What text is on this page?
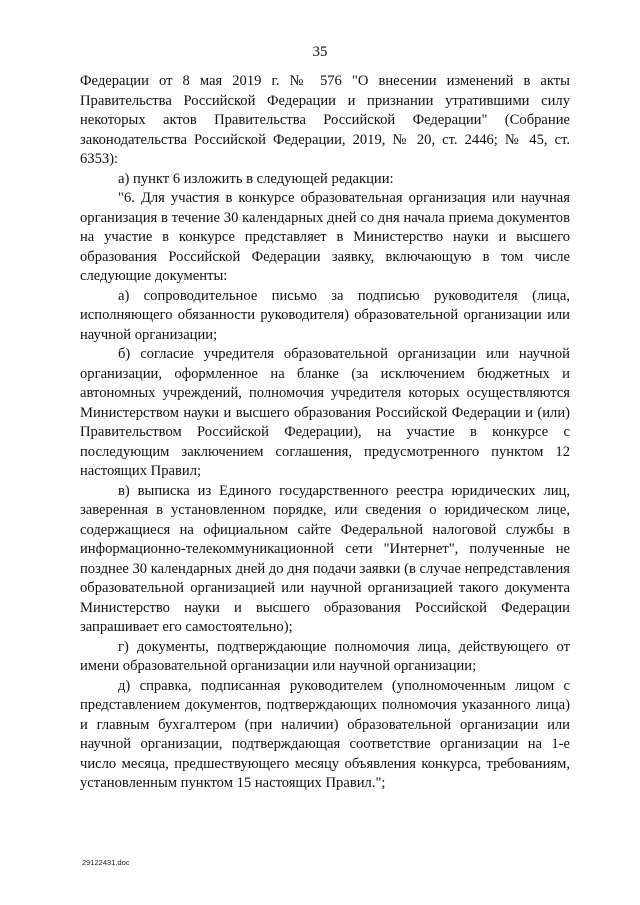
35

Федерации от 8 мая 2019 г. № 576 "О внесении изменений в акты Правительства Российской Федерации и признании утратившими силу некоторых актов Правительства Российской Федерации" (Собрание законодательства Российской Федерации, 2019, № 20, ст. 2446; № 45, ст. 6353):

а) пункт 6 изложить в следующей редакции:

"6. Для участия в конкурсе образовательная организация или научная организация в течение 30 календарных дней со дня начала приема документов на участие в конкурсе представляет в Министерство науки и высшего образования Российской Федерации заявку, включающую в том числе следующие документы:

а) сопроводительное письмо за подписью руководителя (лица, исполняющего обязанности руководителя) образовательной организации или научной организации;

б) согласие учредителя образовательной организации или научной организации, оформленное на бланке (за исключением бюджетных и автономных учреждений, полномочия учредителя которых осуществляются Министерством науки и высшего образования Российской Федерации и (или) Правительством Российской Федерации), на участие в конкурсе с последующим заключением соглашения, предусмотренного пунктом 12 настоящих Правил;

в) выписка из Единого государственного реестра юридических лиц, заверенная в установленном порядке, или сведения о юридическом лице, содержащиеся на официальном сайте Федеральной налоговой службы в информационно-телекоммуникационной сети "Интернет", полученные не позднее 30 календарных дней до дня подачи заявки (в случае непредставления образовательной организацией или научной организацией такого документа Министерство науки и высшего образования Российской Федерации запрашивает его самостоятельно);

г) документы, подтверждающие полномочия лица, действующего от имени образовательной организации или научной организации;

д) справка, подписанная руководителем (уполномоченным лицом с представлением документов, подтверждающих полномочия указанного лица) и главным бухгалтером (при наличии) образовательной организации или научной организации, подтверждающая соответствие организации на 1-е число месяца, предшествующего месяцу объявления конкурса, требованиям, установленным пунктом 15 настоящих Правил.";

29122431.doc
